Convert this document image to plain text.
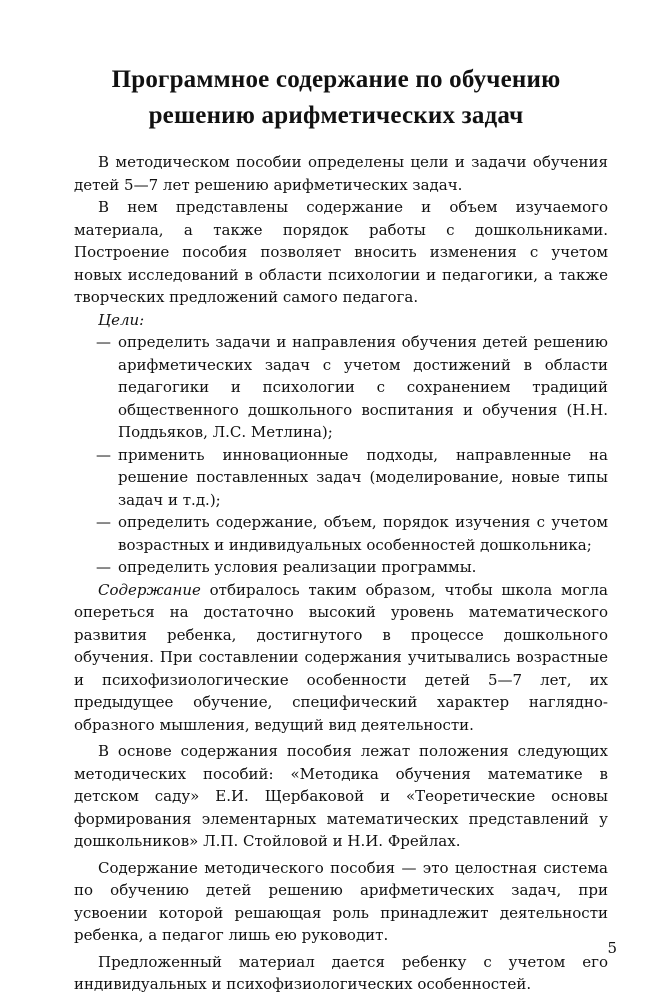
Программное содержание по обучению
решению арифметических задач

В методическом пособии определены цели и задачи обучения детей 5—7 лет решению арифметических задач.

В нем представлены содержание и объем изучаемого материала, а также порядок работы с дошкольниками. Построение пособия позволяет вносить изменения с учетом новых исследований в области психологии и педагогики, а также творческих предложений самого педагога.

Цели:

— определить задачи и направления обучения детей решению арифметических задач с учетом достижений в области педагогики и психологии с сохранением традиций общественного дошкольного воспитания и обучения (Н.Н. Поддьяков, Л.С. Метлина);
— применить инновационные подходы, направленные на решение поставленных задач (моделирование, новые типы задач и т.д.);
— определить содержание, объем, порядок изучения с учетом возрастных и индивидуальных особенностей дошкольника;
— определить условия реализации программы.

Содержание отбиралось таким образом, чтобы школа могла опереться на достаточно высокий уровень математического развития ребенка, достигнутого в процессе дошкольного обучения. При составлении содержания учитывались возрастные и психофизиологические особенности детей 5—7 лет, их предыдущее обучение, специфический характер наглядно-образного мышления, ведущий вид деятельности.

В основе содержания пособия лежат положения следующих методических пособий: «Методика обучения математике в детском саду» Е.И. Щербаковой и «Теоретические основы формирования элементарных математических представлений у дошкольников» Л.П. Стойловой и Н.И. Фрейлах.

Содержание методического пособия — это целостная система по обучению детей решению арифметических задач, при усвоении которой решающая роль принадлежит деятельности ребенка, а педагог лишь ею руководит.

Предложенный материал дается ребенку с учетом его индивидуальных и психофизиологических особенностей.

5
